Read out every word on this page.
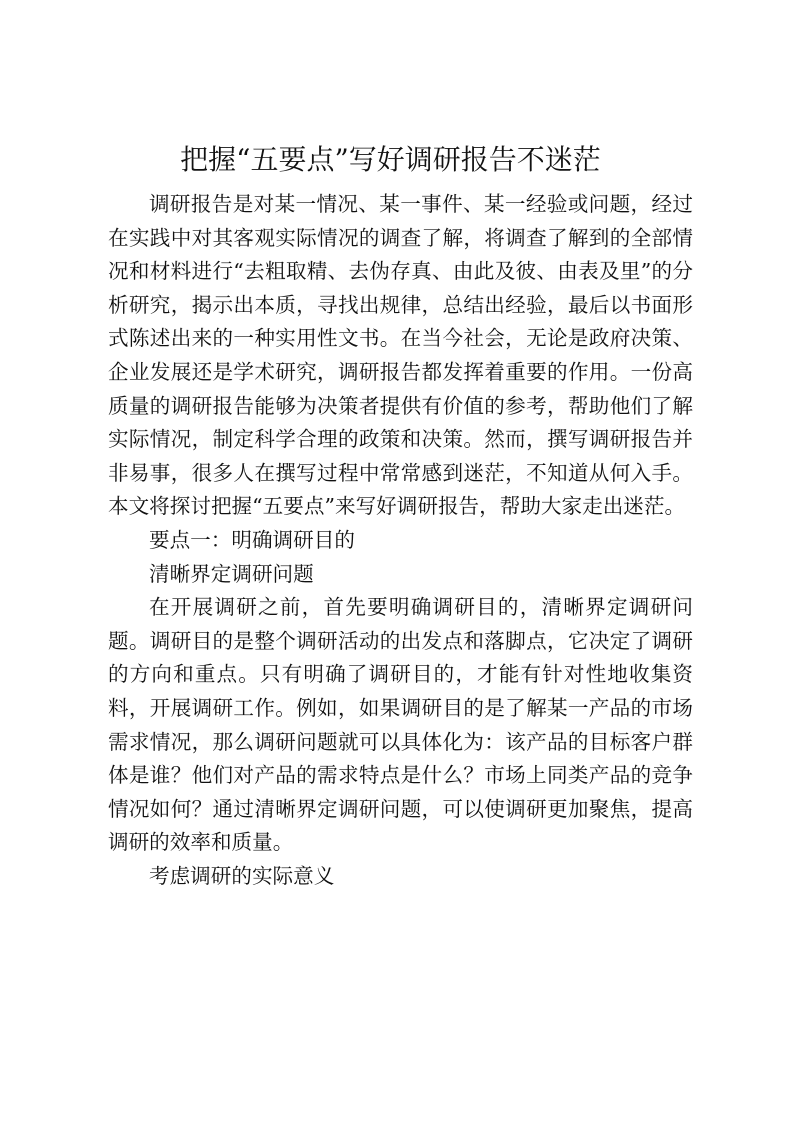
把握“五要点”写好调研报告不迷茫

调研报告是对某一情况、某一事件、某一经验或问题，经过在实践中对其客观实际情况的调查了解，将调查了解到的全部情况和材料进行“去粗取精、去伪存真、由此及彼、由表及里”的分析研究，揭示出本质，寻找出规律，总结出经验，最后以书面形式陈述出来的一种实用性文书。在当今社会，无论是政府决策、企业发展还是学术研究，调研报告都发挥着重要的作用。一份高质量的调研报告能够为决策者提供有价值的参考，帮助他们了解实际情况，制定科学合理的政策和决策。然而，撰写调研报告并非易事，很多人在撰写过程中常常感到迷茫，不知道从何入手。本文将探讨把握“五要点”来写好调研报告，帮助大家走出迷茫。

要点一：明确调研目的

清晰界定调研问题

在开展调研之前，首先要明确调研目的，清晰界定调研问题。调研目的是整个调研活动的出发点和落脚点，它决定了调研的方向和重点。只有明确了调研目的，才能有针对性地收集资料，开展调研工作。例如，如果调研目的是了解某一产品的市场需求情况，那么调研问题就可以具体化为：该产品的目标客户群体是谁？他们对产品的需求特点是什么？市场上同类产品的竞争情况如何？通过清晰界定调研问题，可以使调研更加聚焦，提高调研的效率和质量。

考虑调研的实际意义
